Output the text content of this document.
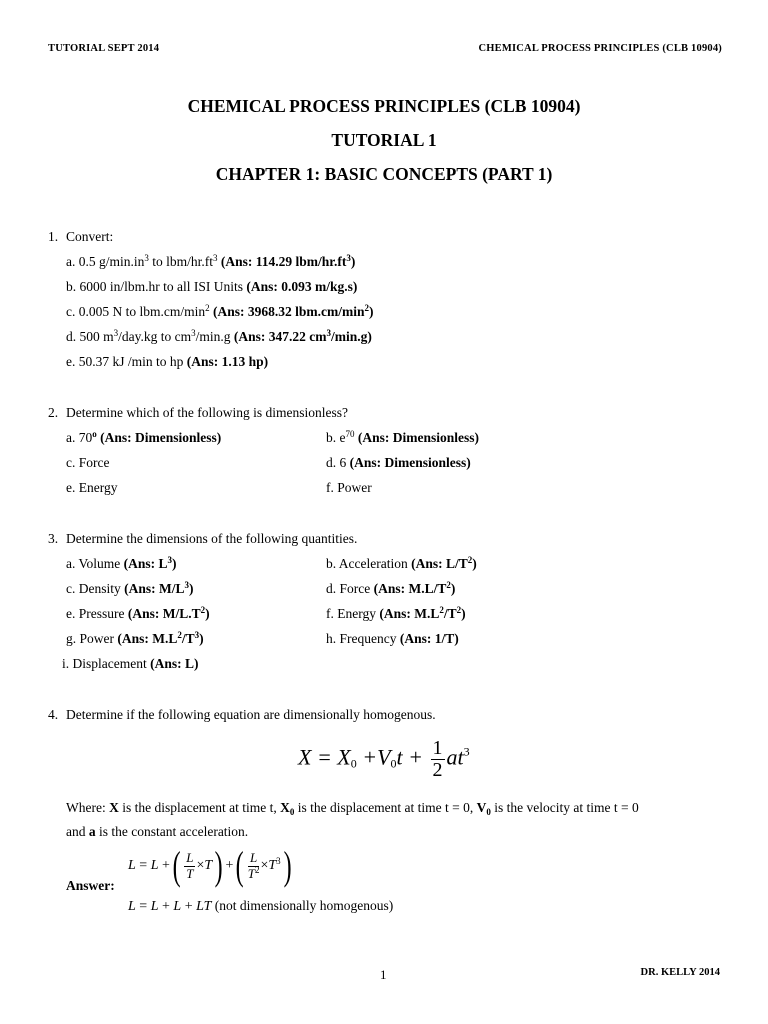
TUTORIAL SEPT 2014	CHEMICAL PROCESS PRINCIPLES (CLB 10904)
CHEMICAL PROCESS PRINCIPLES (CLB 10904)
TUTORIAL 1
CHAPTER 1: BASIC CONCEPTS (PART 1)
1. Convert:
a. 0.5 $g/\min.in^3$ to lbm/$hr.ft^3$ (Ans: 114.29 lbm/$hr.ft^3$)
b. 6000 in/lbm.hr to all ISI Units (Ans: 0.093 m/kg.s)
c. 0.005 N to $lbm.cm/\min^2$ (Ans: 3968.32 $lbm.cm/\min^2$)
d. 500 $m^3/day.kg$ to $cm^3/\min.g$ (Ans: 347.22 $cm^3/\min.g$)
e. 50.37 kJ /min to hp (Ans: 1.13 hp)
2. Determine which of the following is dimensionless?
a. 70$^o$ (Ans: Dimensionless)	b. $e^{70}$ (Ans: Dimensionless)
c. Force	d. 6 (Ans: Dimensionless)
e. Energy	f. Power
3. Determine the dimensions of the following quantities.
a. Volume (Ans: $L^3$)	b. Acceleration (Ans: $L/T^2$)
c. Density (Ans: $M/L^3$)	d. Force (Ans: $M.L/T^2$)
e. Pressure (Ans: $M/L.T^2$)	f. Energy (Ans: $M.L^2/T^2$)
g. Power (Ans: $M.L^2/T^3$)	h. Frequency (Ans: 1/T)
i. Displacement (Ans: L)
4. Determine if the following equation are dimensionally homogenous.
$X = X_0 +V_0t + \frac{1}{2} at^3$
Where: X is the displacement at time t, $X_0$ is the displacement at time t = 0, $V_0$ is the velocity at time t = 0
and a is the constant acceleration.
Answer:
L = L +( $\frac{L}{T} \times T$) +( $\frac{L}{T^2} \times T^3$)
L = L + L + LT (not dimensionally homogenous)
1	DR. KELLY 2014
